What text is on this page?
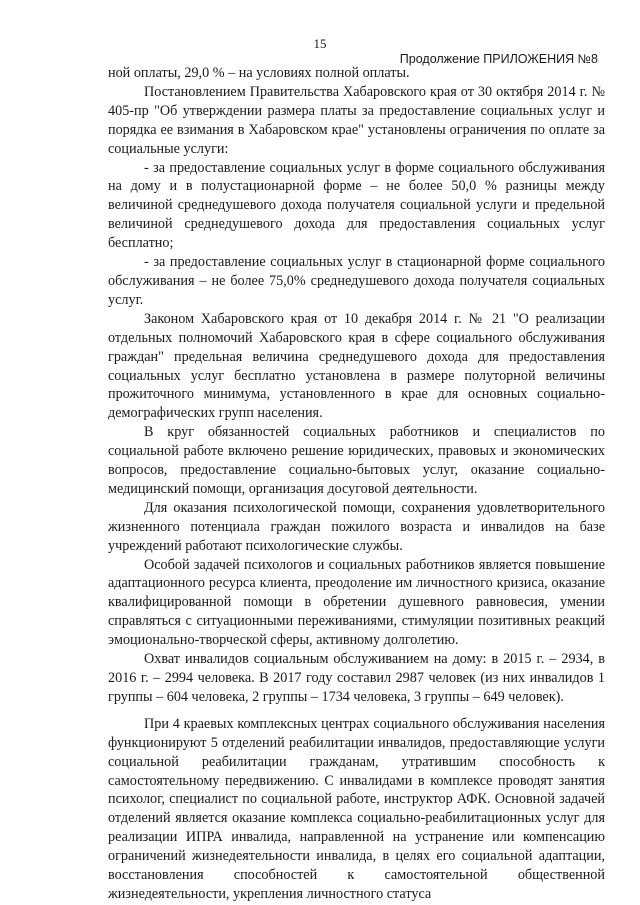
15
Продолжение ПРИЛОЖЕНИЯ №8

ной оплаты, 29,0 % – на условиях полной оплаты.

Постановлением Правительства Хабаровского края от 30 октября 2014 г. № 405-пр "Об утверждении размера платы за предоставление социальных услуг и порядка ее взимания в Хабаровском крае" установлены ограничения по оплате за социальные услуги:

- за предоставление социальных услуг в форме социального обслуживания на дому и в полустационарной форме – не более 50,0 % разницы между величиной среднедушевого дохода получателя социальной услуги и предельной величиной среднедушевого дохода для предоставления социальных услуг бесплатно;

- за предоставление социальных услуг в стационарной форме социального обслуживания – не более 75,0% среднедушевого дохода получателя социальных услуг.

Законом Хабаровского края от 10 декабря 2014 г. № 21 "О реализации отдельных полномочий Хабаровского края в сфере социального обслуживания граждан" предельная величина среднедушевого дохода для предоставления социальных услуг бесплатно установлена в размере полуторной величины прожиточного минимума, установленного в крае для основных социально-демографических групп населения.

В круг обязанностей социальных работников и специалистов по социальной работе включено решение юридических, правовых и экономических вопросов, предоставление социально-бытовых услуг, оказание социально-медицинский помощи, организация досуговой деятельности.

Для оказания психологической помощи, сохранения удовлетворительного жизненного потенциала граждан пожилого возраста и инвалидов на базе учреждений работают психологические службы.

Особой задачей психологов и социальных работников является повышение адаптационного ресурса клиента, преодоление им личностного кризиса, оказание квалифицированной помощи в обретении душевного равновесия, умении справляться с ситуационными переживаниями, стимуляции позитивных реакций эмоционально-творческой сферы, активному долголетию.

Охват инвалидов социальным обслуживанием на дому: в 2015 г. – 2934, в 2016 г. – 2994 человека. В 2017 году составил 2987 человек (из них инвалидов 1 группы – 604 человека, 2 группы – 1734 человека, 3 группы – 649 человек).

При 4 краевых комплексных центрах социального обслуживания населения функционируют 5 отделений реабилитации инвалидов, предоставляющие услуги социальной реабилитации гражданам, утратившим способность к самостоятельному передвижению. С инвалидами в комплексе проводят занятия психолог, специалист по социальной работе, инструктор АФК. Основной задачей отделений является оказание комплекса социально-реабилитационных услуг для реализации ИПРА инвалида, направленной на устранение или компенсацию ограничений жизнедеятельности инвалида, в целях его социальной адаптации, восстановления способностей к самостоятельной общественной жизнедеятельности, укрепления личностного статуса
